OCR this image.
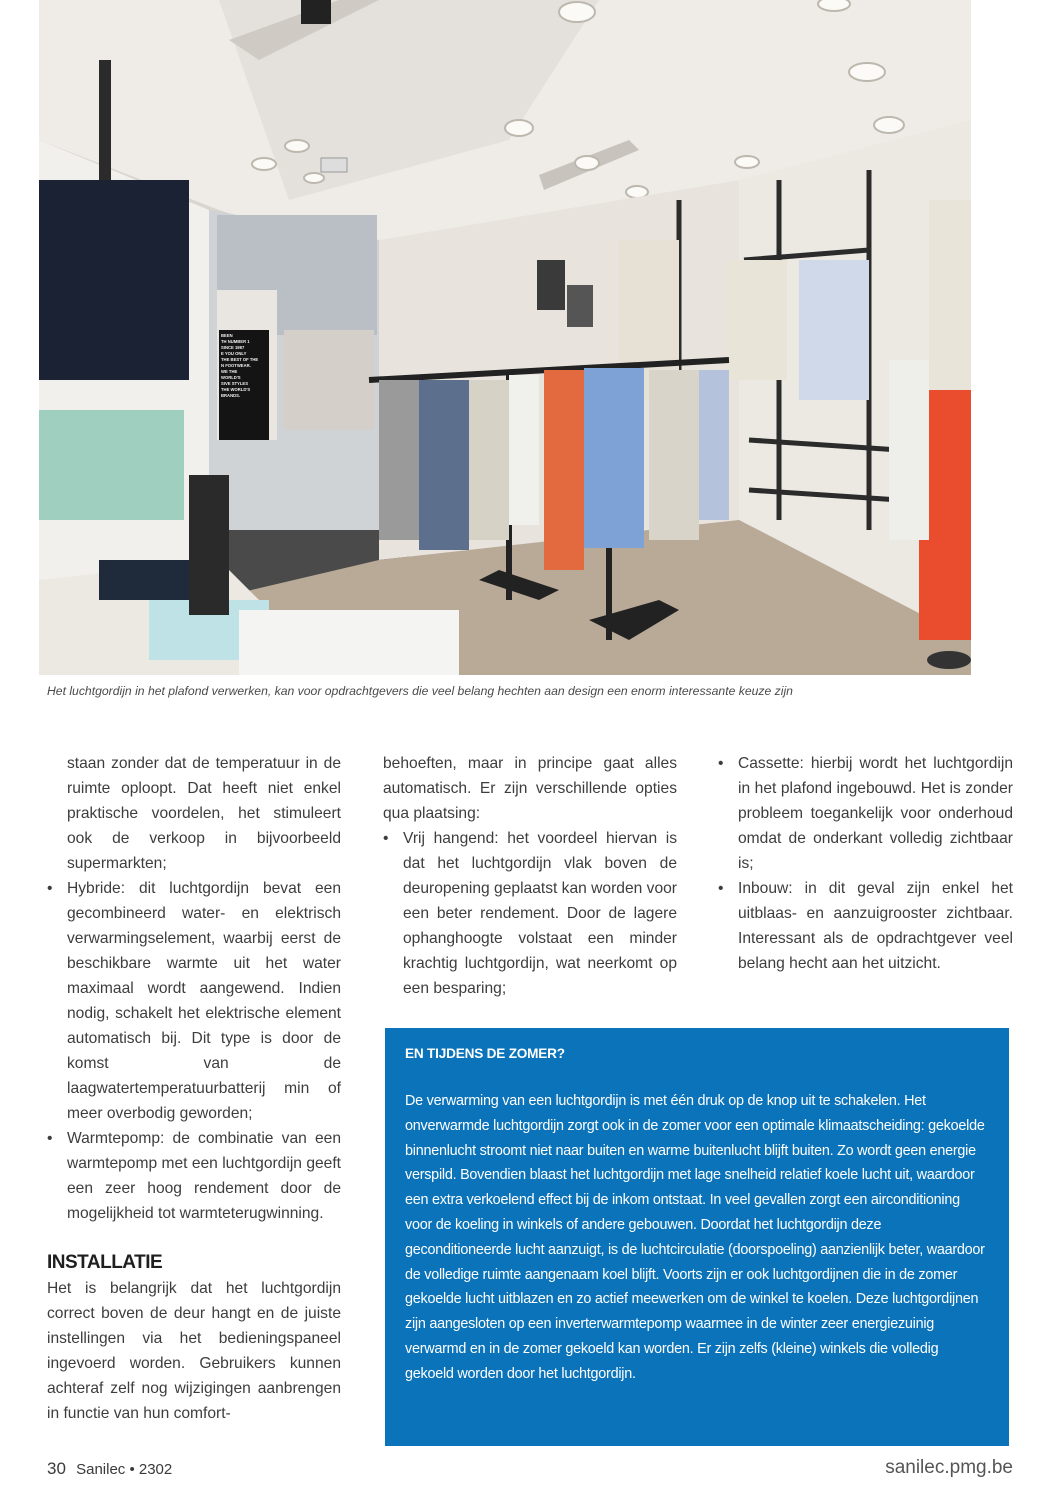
BEEN
TH NUMBER 1
SINCE 1987
E YOU ONLY
THE BEST OF THE
N FOOTWEAR.
WE THE
WORLD'S
SIVE STYLES
THE WORLD'S
BRANDS.
Het luchtgordijn in het plafond verwerken, kan voor opdrachtgevers die veel belang hechten aan design een enorm interessante keuze zijn

staan zonder dat de temperatuur in de ruimte oploopt. Dat heeft niet enkel praktische voordelen, het stimuleert ook de verkoop in bijvoorbeeld supermarkten;

• Hybride: dit luchtgordijn bevat een gecombineerd water- en elektrisch verwarmingselement, waarbij eerst de beschikbare warmte uit het water maximaal wordt aangewend. Indien nodig, schakelt het elektrische element automatisch bij. Dit type is door de komst van de laagwatertemperatuurbatterij min of meer overbodig geworden;

• Warmtepomp: de combinatie van een warmtepomp met een luchtgordijn geeft een zeer hoog rendement door de mogelijkheid tot warmteterugwinning.

INSTALLATIE

Het is belangrijk dat het luchtgordijn correct boven de deur hangt en de juiste instellingen via het bedieningspaneel ingevoerd worden. Gebruikers kunnen achteraf zelf nog wijzigingen aanbrengen in functie van hun comfort-

behoeften, maar in principe gaat alles automatisch. Er zijn verschillende opties qua plaatsing:

• Vrij hangend: het voordeel hiervan is dat het luchtgordijn vlak boven de deuropening geplaatst kan worden voor een beter rendement. Door de lagere ophanghoogte volstaat een minder krachtig luchtgordijn, wat neerkomt op een besparing;

• Cassette: hierbij wordt het luchtgordijn in het plafond ingebouwd. Het is zonder probleem toegankelijk voor onderhoud omdat de onderkant volledig zichtbaar is;

• Inbouw: in dit geval zijn enkel het uitblaas- en aanzuigrooster zichtbaar. Interessant als de opdrachtgever veel belang hecht aan het uitzicht.

EN TIJDENS DE ZOMER?
De verwarming van een luchtgordijn is met één druk op de knop uit te schakelen. Het onverwarmde luchtgordijn zorgt ook in de zomer voor een optimale klimaatscheiding: gekoelde binnenlucht stroomt niet naar buiten en warme buitenlucht blijft buiten. Zo wordt geen energie verspild. Bovendien blaast het luchtgordijn met lage snelheid relatief koele lucht uit, waardoor een extra verkoelend effect bij de inkom ontstaat. In veel gevallen zorgt een airconditioning voor de koeling in winkels of andere gebouwen. Doordat het luchtgordijn deze geconditioneerde lucht aanzuigt, is de luchtcirculatie (doorspoeling) aanzienlijk beter, waardoor de volledige ruimte aangenaam koel blijft. Voorts zijn er ook luchtgordijnen die in de zomer gekoelde lucht uitblazen en zo actief meewerken om de winkel te koelen. Deze luchtgordijnen zijn aangesloten op een inverterwarmtepomp waarmee in de winter zeer energiezuinig verwarmd en in de zomer gekoeld kan worden. Er zijn zelfs (kleine) winkels die volledig gekoeld worden door het luchtgordijn.
30 Sanilec • 2302	sanilec.pmg.be
